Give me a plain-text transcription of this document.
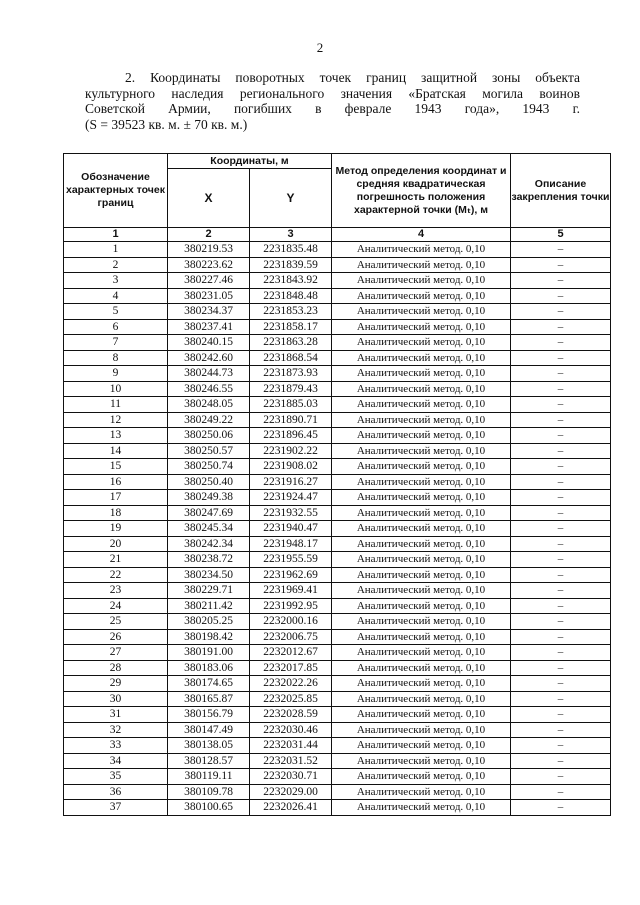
2
2. Координаты поворотных точек границ защитной зоны объекта
культурного наследия регионального значения «Братская могила воинов
Советской Армии, погибших в феврале 1943 года», 1943 г.
(S = 39523 кв. м. ± 70 кв. м.)
Обозначение характерных точек границ	Координаты, м		Метод определения координат и средняя квадратическая погрешность положения характерной точки (Mₜ), м	Описание закрепления точки
	X	Y		
1	2	3	4	5
1	380219.53	2231835.48	Аналитический метод. 0,10	–
2	380223.62	2231839.59	Аналитический метод. 0,10	–
3	380227.46	2231843.92	Аналитический метод. 0,10	–
4	380231.05	2231848.48	Аналитический метод. 0,10	–
5	380234.37	2231853.23	Аналитический метод. 0,10	–
6	380237.41	2231858.17	Аналитический метод. 0,10	–
7	380240.15	2231863.28	Аналитический метод. 0,10	–
8	380242.60	2231868.54	Аналитический метод. 0,10	–
9	380244.73	2231873.93	Аналитический метод. 0,10	–
10	380246.55	2231879.43	Аналитический метод. 0,10	–
11	380248.05	2231885.03	Аналитический метод. 0,10	–
12	380249.22	2231890.71	Аналитический метод. 0,10	–
13	380250.06	2231896.45	Аналитический метод. 0,10	–
14	380250.57	2231902.22	Аналитический метод. 0,10	–
15	380250.74	2231908.02	Аналитический метод. 0,10	–
16	380250.40	2231916.27	Аналитический метод. 0,10	–
17	380249.38	2231924.47	Аналитический метод. 0,10	–
18	380247.69	2231932.55	Аналитический метод. 0,10	–
19	380245.34	2231940.47	Аналитический метод. 0,10	–
20	380242.34	2231948.17	Аналитический метод. 0,10	–
21	380238.72	2231955.59	Аналитический метод. 0,10	–
22	380234.50	2231962.69	Аналитический метод. 0,10	–
23	380229.71	2231969.41	Аналитический метод. 0,10	–
24	380211.42	2231992.95	Аналитический метод. 0,10	–
25	380205.25	2232000.16	Аналитический метод. 0,10	–
26	380198.42	2232006.75	Аналитический метод. 0,10	–
27	380191.00	2232012.67	Аналитический метод. 0,10	–
28	380183.06	2232017.85	Аналитический метод. 0,10	–
29	380174.65	2232022.26	Аналитический метод. 0,10	–
30	380165.87	2232025.85	Аналитический метод. 0,10	–
31	380156.79	2232028.59	Аналитический метод. 0,10	–
32	380147.49	2232030.46	Аналитический метод. 0,10	–
33	380138.05	2232031.44	Аналитический метод. 0,10	–
34	380128.57	2232031.52	Аналитический метод. 0,10	–
35	380119.11	2232030.71	Аналитический метод. 0,10	–
36	380109.78	2232029.00	Аналитический метод. 0,10	–
37	380100.65	2232026.41	Аналитический метод. 0,10	–
